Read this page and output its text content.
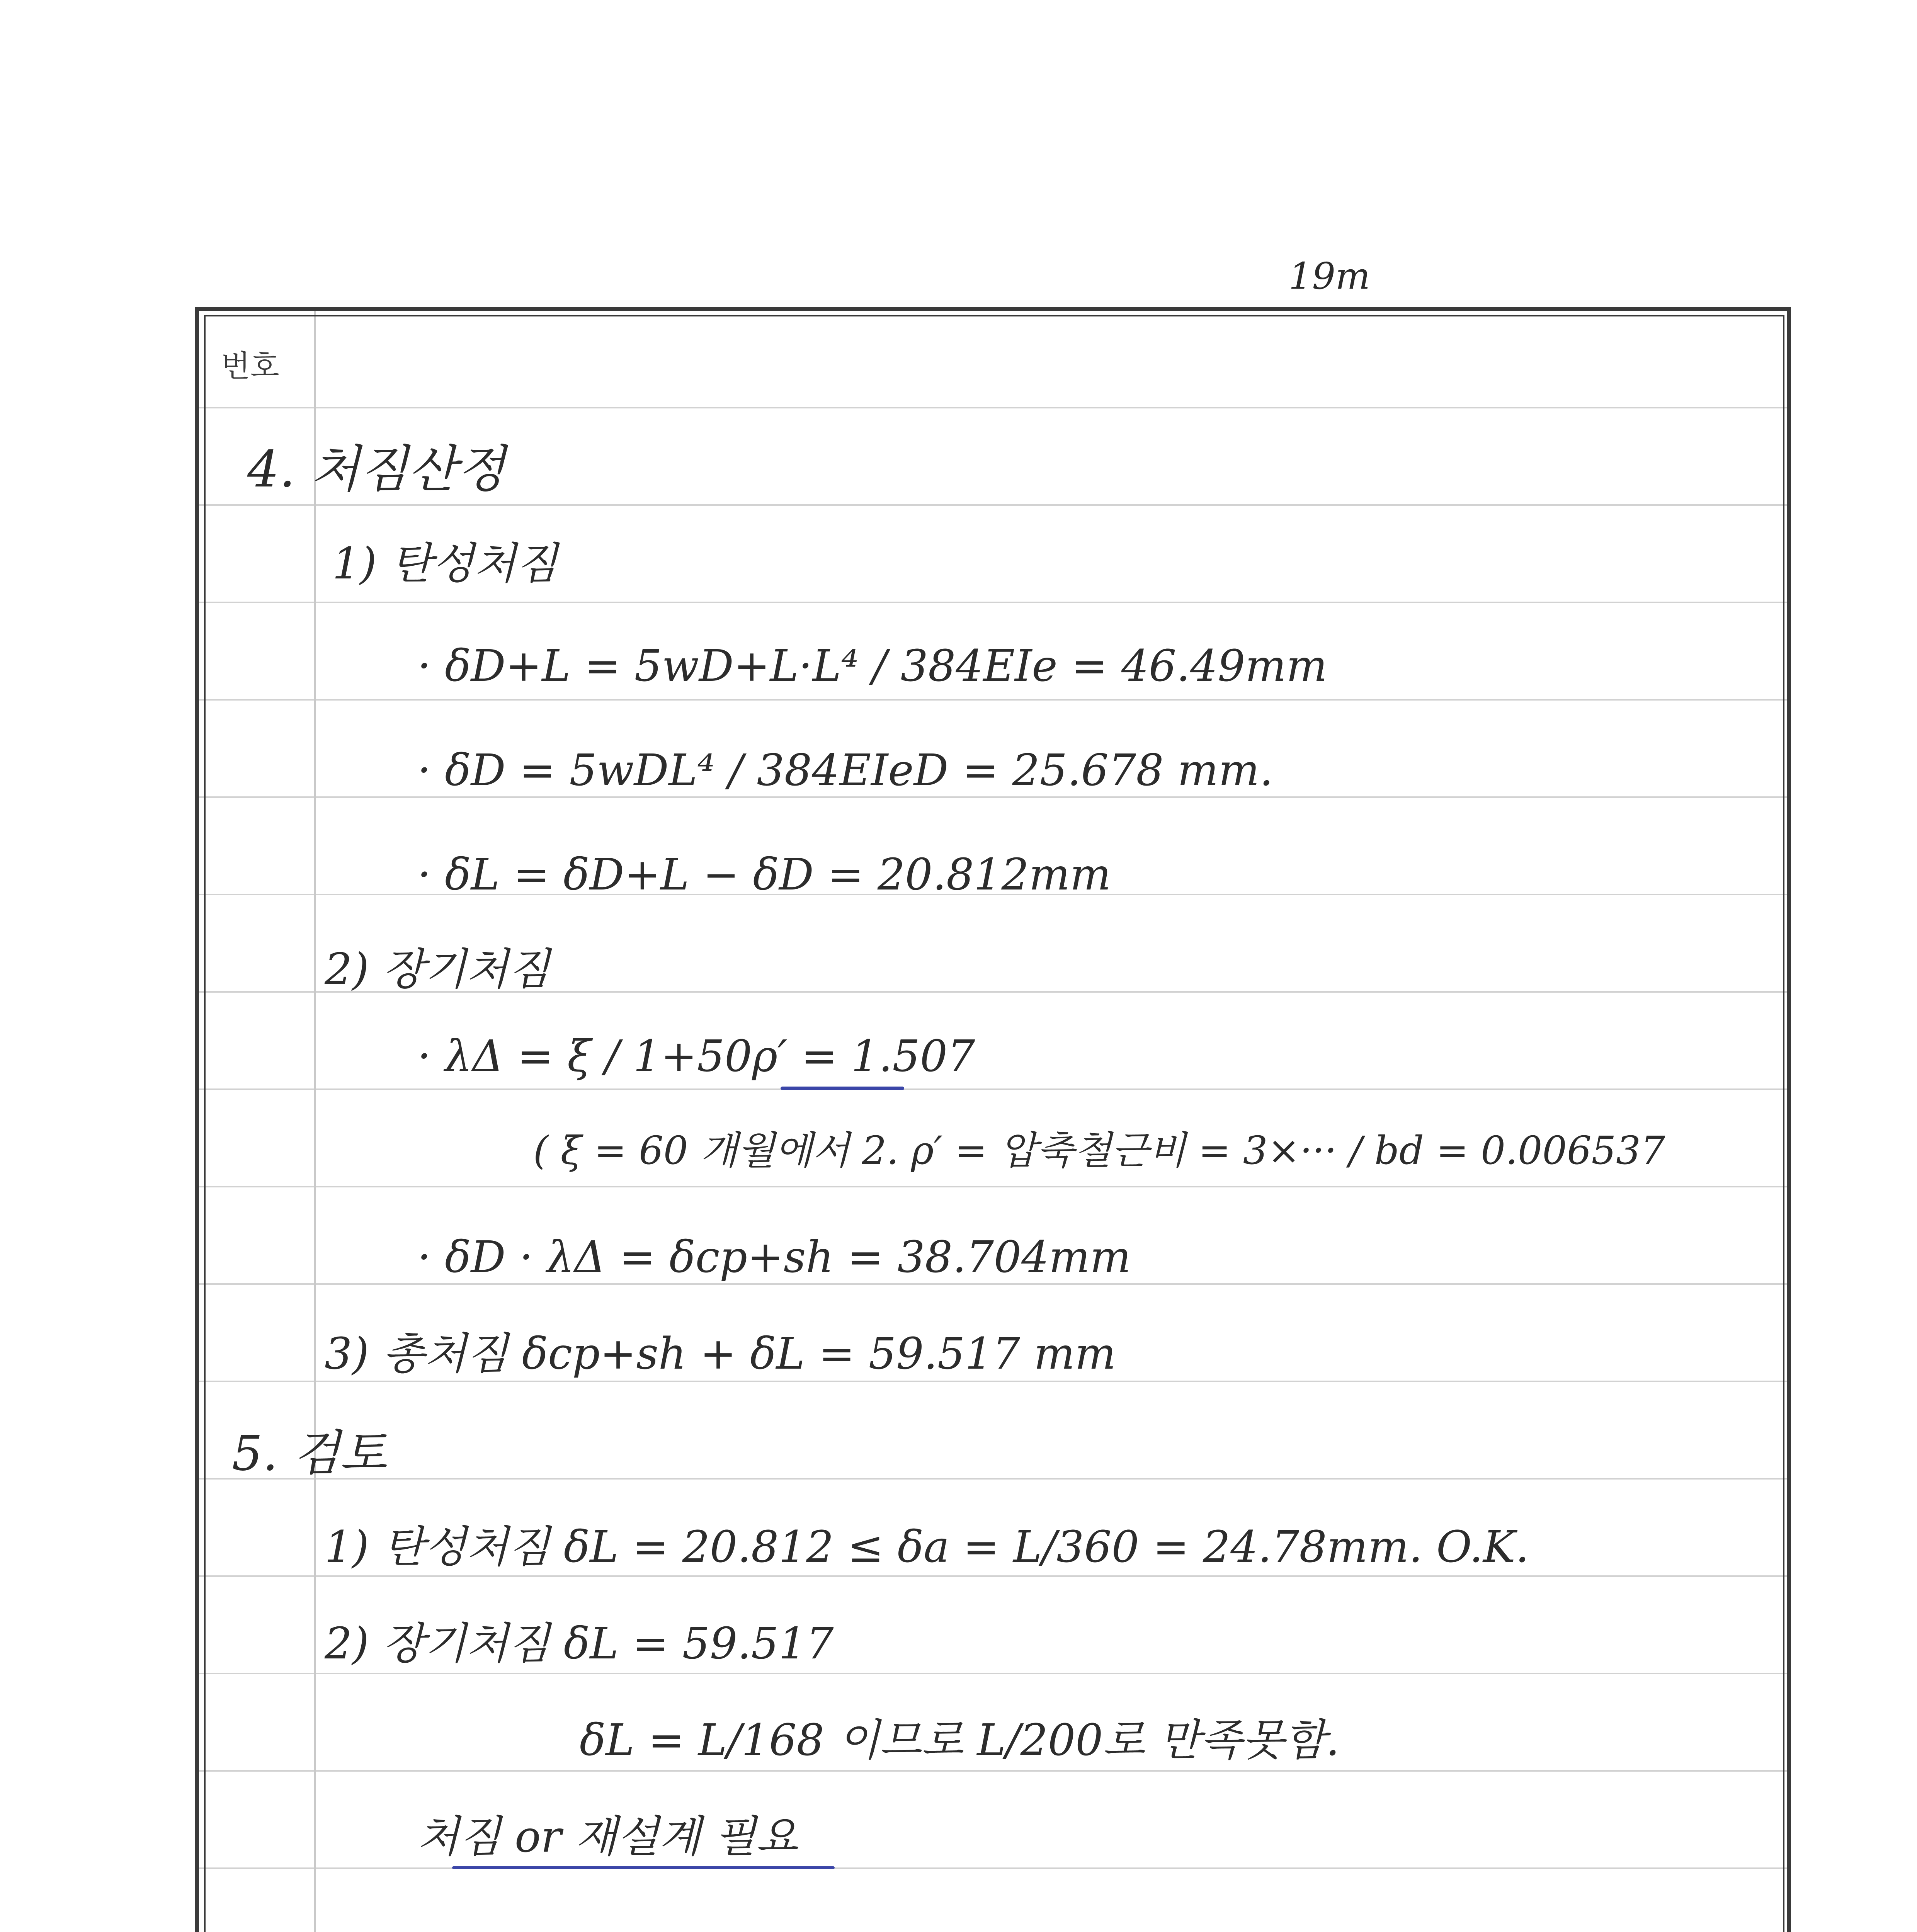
19m
번호
4. 처짐산정
1) 탄성처짐
· δD+L = 5wD+L·L⁴ / 384EIe = 46.49mm
· δD = 5wDL⁴ / 384EIeD = 25.678 mm.
· δL = δD+L − δD = 20.812mm
2) 장기처짐
· λΔ = ξ / 1+50ρ′ = 1.507
( ξ = 60 개월에서 2. ρ′ = 압축철근비 = 3×··· / bd = 0.006537
· δD · λΔ = δcp+sh = 38.704mm
3) 총처짐 δcp+sh + δL = 59.517 mm
5. 검토
1) 탄성처짐 δL = 20.812 ≤ δa = L/360 = 24.78mm. O.K.
2) 장기처짐 δL = 59.517
δL = L/168 이므로 L/200로 만족못함.
처짐 or 재설계 필요
